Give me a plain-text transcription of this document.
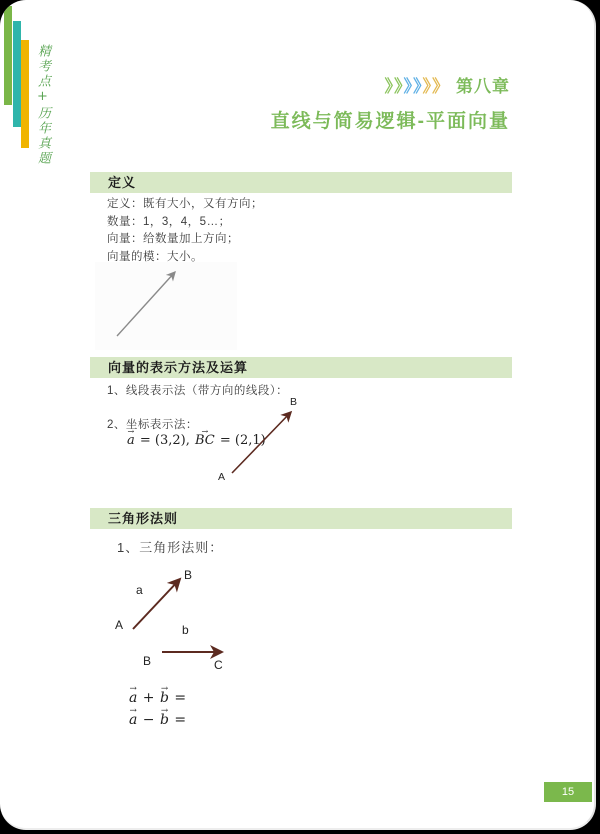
精考点+历年真题	》》》》》》 第八章
直线与简易逻辑-平面向量
定义
定义：既有大小，又有方向；
数量：1，3，4，5…；
向量：给数量加上方向；
向量的模：大小。
向量的表示方法及运算
1、线段表示法（带方向的线段）：
2、坐标表示法：
→ a = (3,2), → BC = (2,1)
B
A
三角形法则
1、三角形法则：
B
a
A	b
B	C
→ a + → b =
→ a − → b =
15
